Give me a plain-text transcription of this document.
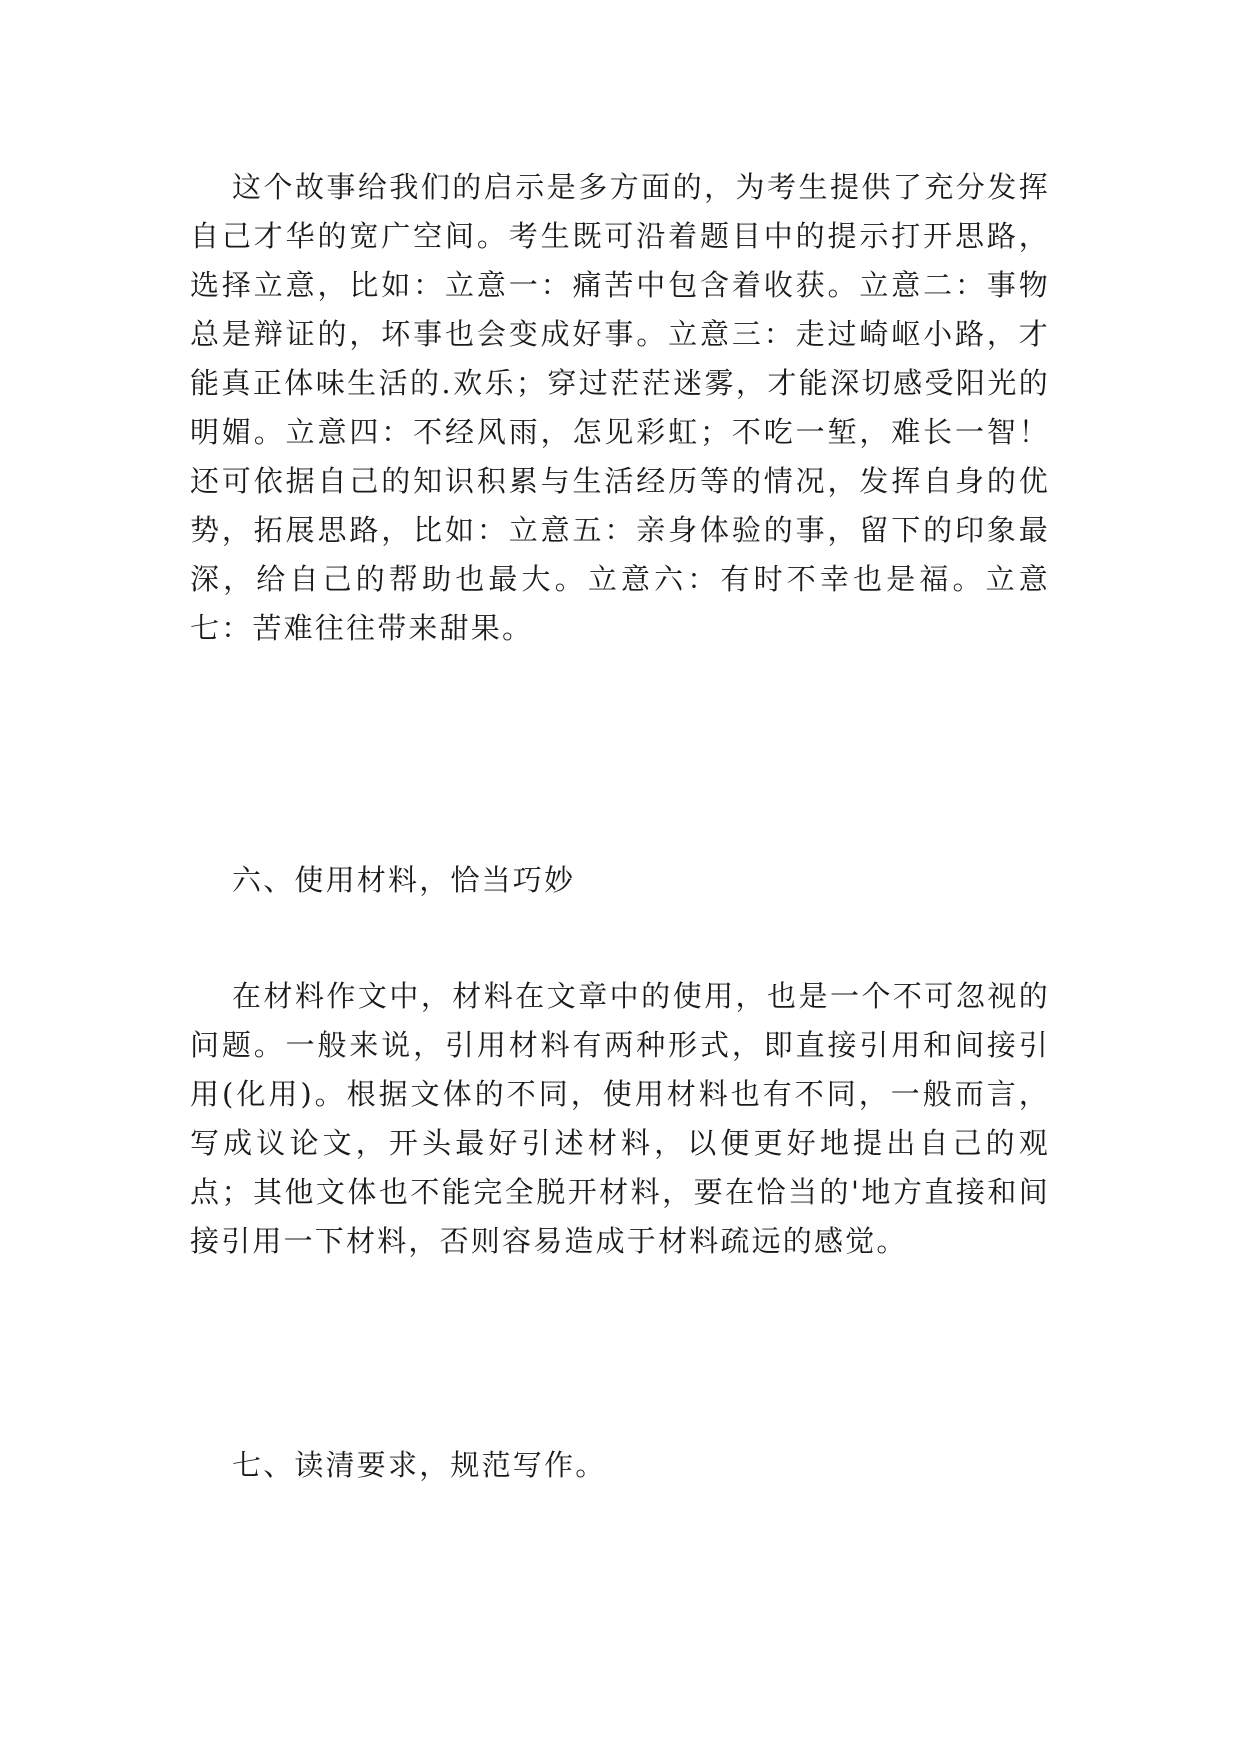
这个故事给我们的启示是多方面的，为考生提供了充分发挥自己才华的宽广空间。考生既可沿着题目中的提示打开思路，选择立意，比如：立意一：痛苦中包含着收获。立意二：事物总是辩证的，坏事也会变成好事。立意三：走过崎岖小路，才能真正体味生活的.欢乐；穿过茫茫迷雾，才能深切感受阳光的明媚。立意四：不经风雨，怎见彩虹；不吃一堑，难长一智！还可依据自己的知识积累与生活经历等的情况，发挥自身的优势，拓展思路，比如：立意五：亲身体验的事，留下的印象最深，给自己的帮助也最大。立意六：有时不幸也是福。立意七：苦难往往带来甜果。

六、使用材料，恰当巧妙

在材料作文中，材料在文章中的使用，也是一个不可忽视的问题。一般来说，引用材料有两种形式，即直接引用和间接引用(化用)。根据文体的不同，使用材料也有不同，一般而言，写成议论文，开头最好引述材料，以便更好地提出自己的观点；其他文体也不能完全脱开材料，要在恰当的'地方直接和间接引用一下材料，否则容易造成于材料疏远的感觉。

七、读清要求，规范写作。
